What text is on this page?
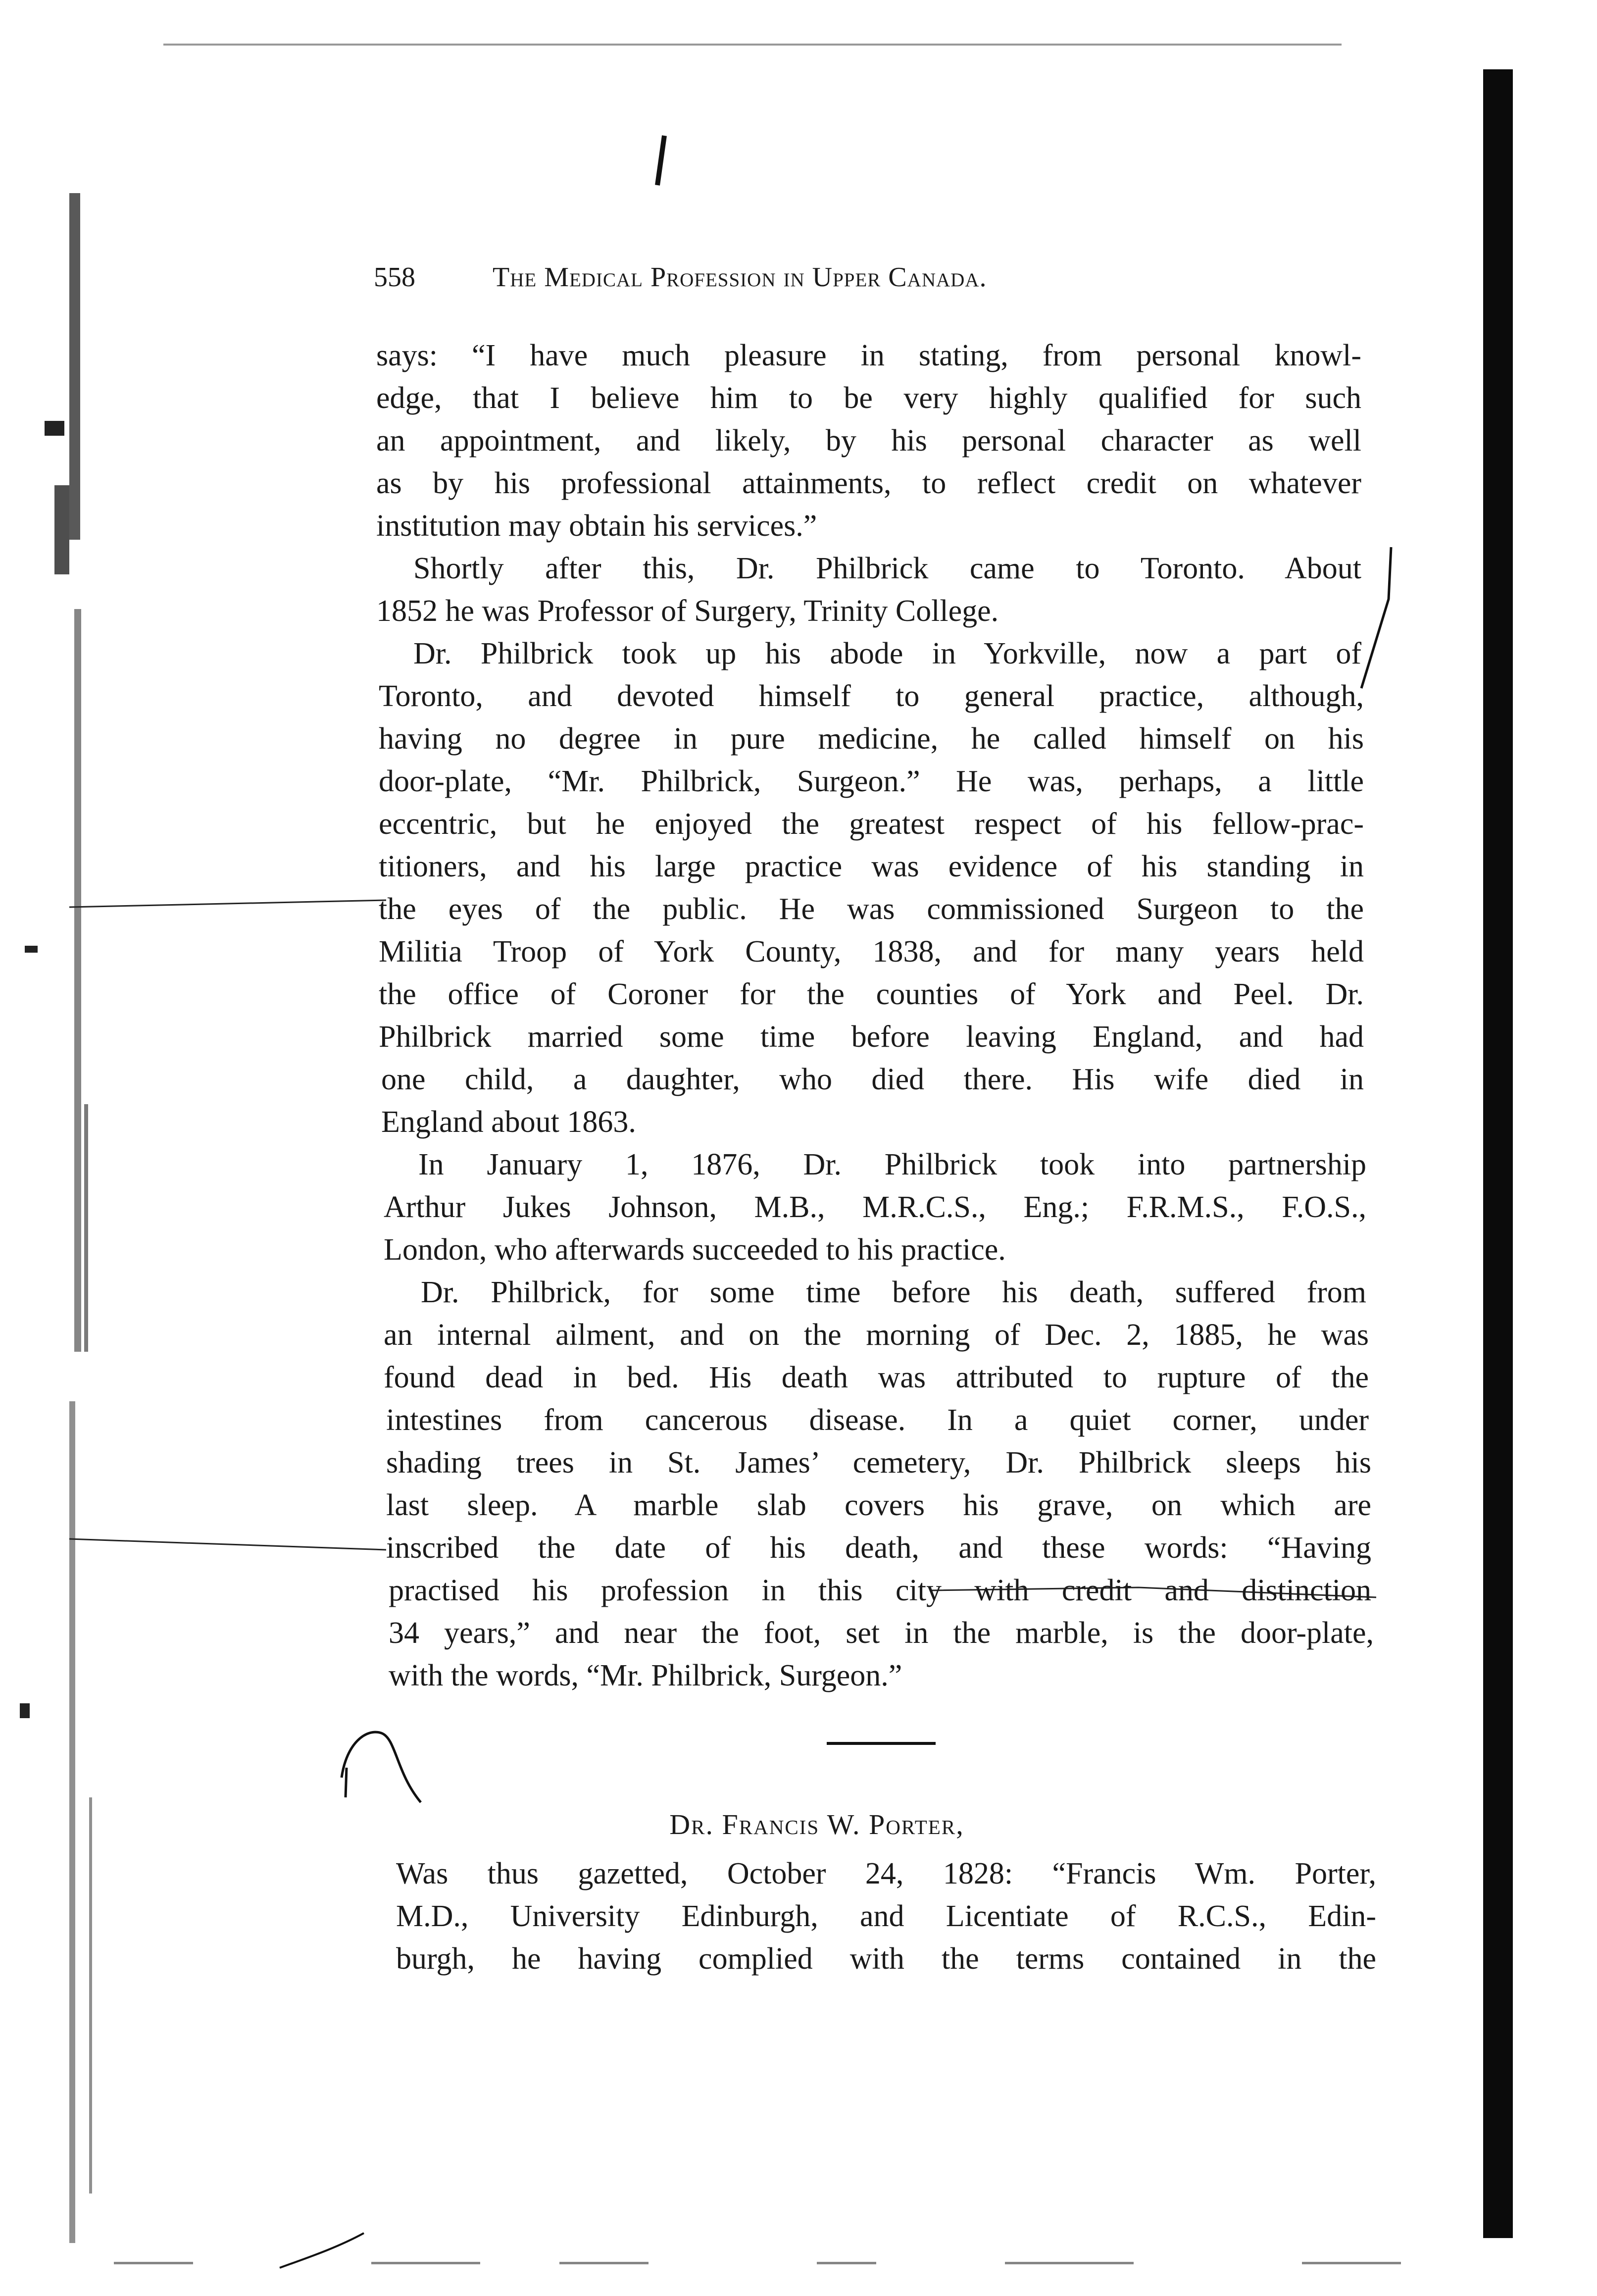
558	The Medical Profession in Upper Canada.
says: “I have much pleasure in stating, from personal knowl-
edge, that I believe him to be very highly qualified for such
an appointment, and likely, by his personal character as well
as by his professional attainments, to reflect credit on whatever
institution may obtain his services.”
Shortly after this, Dr. Philbrick came to Toronto. About
1852 he was Professor of Surgery, Trinity College.
Dr. Philbrick took up his abode in Yorkville, now a part of
Toronto, and devoted himself to general practice, although,
having no degree in pure medicine, he called himself on his
door-plate, “Mr. Philbrick, Surgeon.” He was, perhaps, a little
eccentric, but he enjoyed the greatest respect of his fellow-prac-
titioners, and his large practice was evidence of his standing in
the eyes of the public. He was commissioned Surgeon to the
Militia Troop of York County, 1838, and for many years held
the office of Coroner for the counties of York and Peel. Dr.
Philbrick married some time before leaving England, and had
one child, a daughter, who died there. His wife died in
England about 1863.
In January 1, 1876, Dr. Philbrick took into partnership
Arthur Jukes Johnson, M.B., M.R.C.S., Eng.; F.R.M.S., F.O.S.,
London, who afterwards succeeded to his practice.
Dr. Philbrick, for some time before his death, suffered from
an internal ailment, and on the morning of Dec. 2, 1885, he was
found dead in bed. His death was attributed to rupture of the
intestines from cancerous disease. In a quiet corner, under
shading trees in St. James’ cemetery, Dr. Philbrick sleeps his
last sleep. A marble slab covers his grave, on which are
inscribed the date of his death, and these words: “Having
practised his profession in this city with credit and distinction
34 years,” and near the foot, set in the marble, is the door-plate,
with the words, “Mr. Philbrick, Surgeon.”
Dr. Francis W. Porter,
Was thus gazetted, October 24, 1828: “Francis Wm. Porter,
M.D., University Edinburgh, and Licentiate of R.C.S., Edin-
burgh, he having complied with the terms contained in the
